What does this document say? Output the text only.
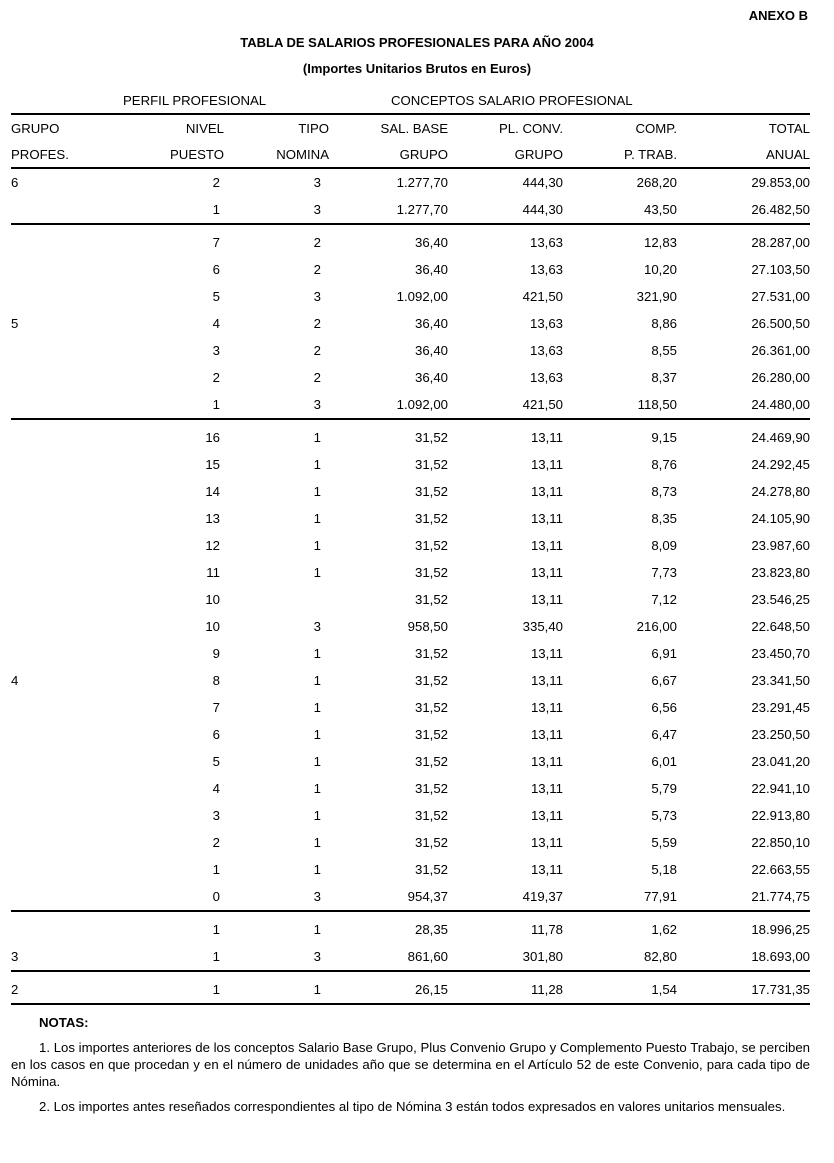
ANEXO B
TABLA DE SALARIOS PROFESIONALES PARA AÑO 2004
(Importes Unitarios Brutos en Euros)
PERFIL PROFESIONAL			CONCEPTOS SALARIO PROFESIONAL			
GRUPO	NIVEL	TIPO	SAL. BASE	PL. CONV.	COMP.	TOTAL
PROFES.	PUESTO	NOMINA	GRUPO	GRUPO	P. TRAB.	ANUAL
6	2	3	1.277,70	444,30	268,20	29.853,00
	1	3	1.277,70	444,30	43,50	26.482,50
	7	2	36,40	13,63	12,83	28.287,00
	6	2	36,40	13,63	10,20	27.103,50
	5	3	1.092,00	421,50	321,90	27.531,00
5	4	2	36,40	13,63	8,86	26.500,50
	3	2	36,40	13,63	8,55	26.361,00
	2	2	36,40	13,63	8,37	26.280,00
	1	3	1.092,00	421,50	118,50	24.480,00
	16	1	31,52	13,11	9,15	24.469,90
	15	1	31,52	13,11	8,76	24.292,45
	14	1	31,52	13,11	8,73	24.278,80
	13	1	31,52	13,11	8,35	24.105,90
	12	1	31,52	13,11	8,09	23.987,60
	11	1	31,52	13,11	7,73	23.823,80
	10		31,52	13,11	7,12	23.546,25
	10	3	958,50	335,40	216,00	22.648,50
	9	1	31,52	13,11	6,91	23.450,70
4	8	1	31,52	13,11	6,67	23.341,50
	7	1	31,52	13,11	6,56	23.291,45
	6	1	31,52	13,11	6,47	23.250,50
	5	1	31,52	13,11	6,01	23.041,20
	4	1	31,52	13,11	5,79	22.941,10
	3	1	31,52	13,11	5,73	22.913,80
	2	1	31,52	13,11	5,59	22.850,10
	1	1	31,52	13,11	5,18	22.663,55
	0	3	954,37	419,37	77,91	21.774,75
	1	1	28,35	11,78	1,62	18.996,25
3	1	3	861,60	301,80	82,80	18.693,00
2	1	1	26,15	11,28	1,54	17.731,35
NOTAS:

1. Los importes anteriores de los conceptos Salario Base Grupo, Plus Convenio Grupo y Complemento Puesto Trabajo, se perciben en los casos en que procedan y en el número de unidades año que se determina en el Artículo 52 de este Convenio, para cada tipo de Nómina.

2. Los importes antes reseñados correspondientes al tipo de Nómina 3 están todos expresados en valores unitarios mensuales.
